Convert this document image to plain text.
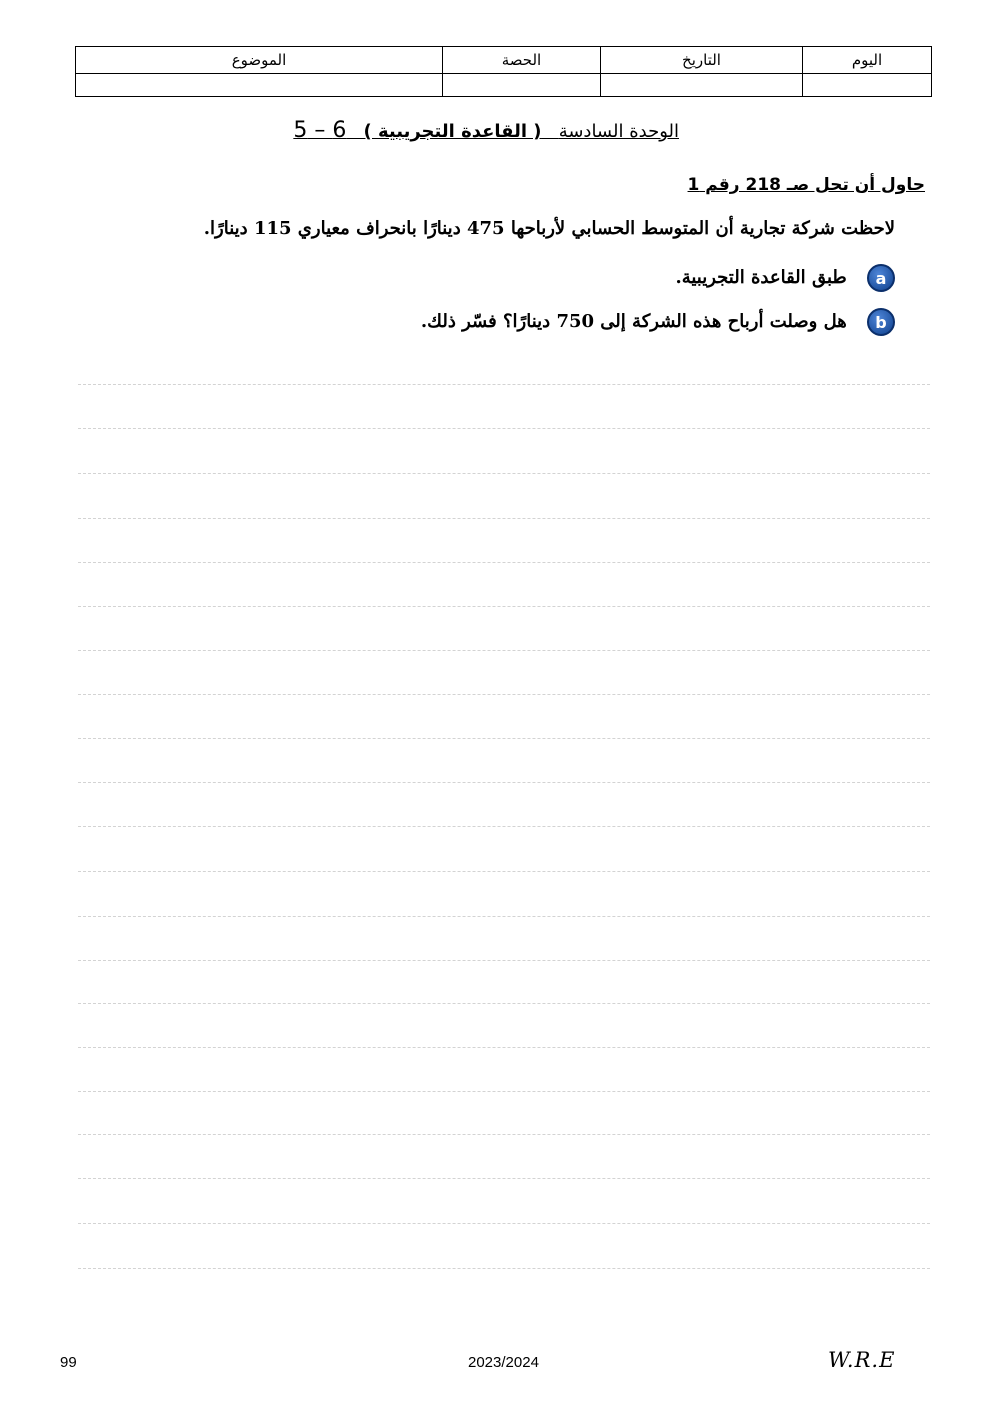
اليوم	التاريخ	الحصة	الموضوع

الوحدة السادسة   ( القاعدة التجريبية )   6 – 5
حاول أن تحل صـ 218 رقم 1
لاحظت شركة تجارية أن المتوسط الحسابي لأرباحها 475 دينارًا بانحراف معياري 115 دينارًا.
a طبق القاعدة التجريبية.
b هل وصلت أرباح هذه الشركة إلى 750 دينارًا؟ فسّر ذلك.
99	2023/2024	W.R.E
